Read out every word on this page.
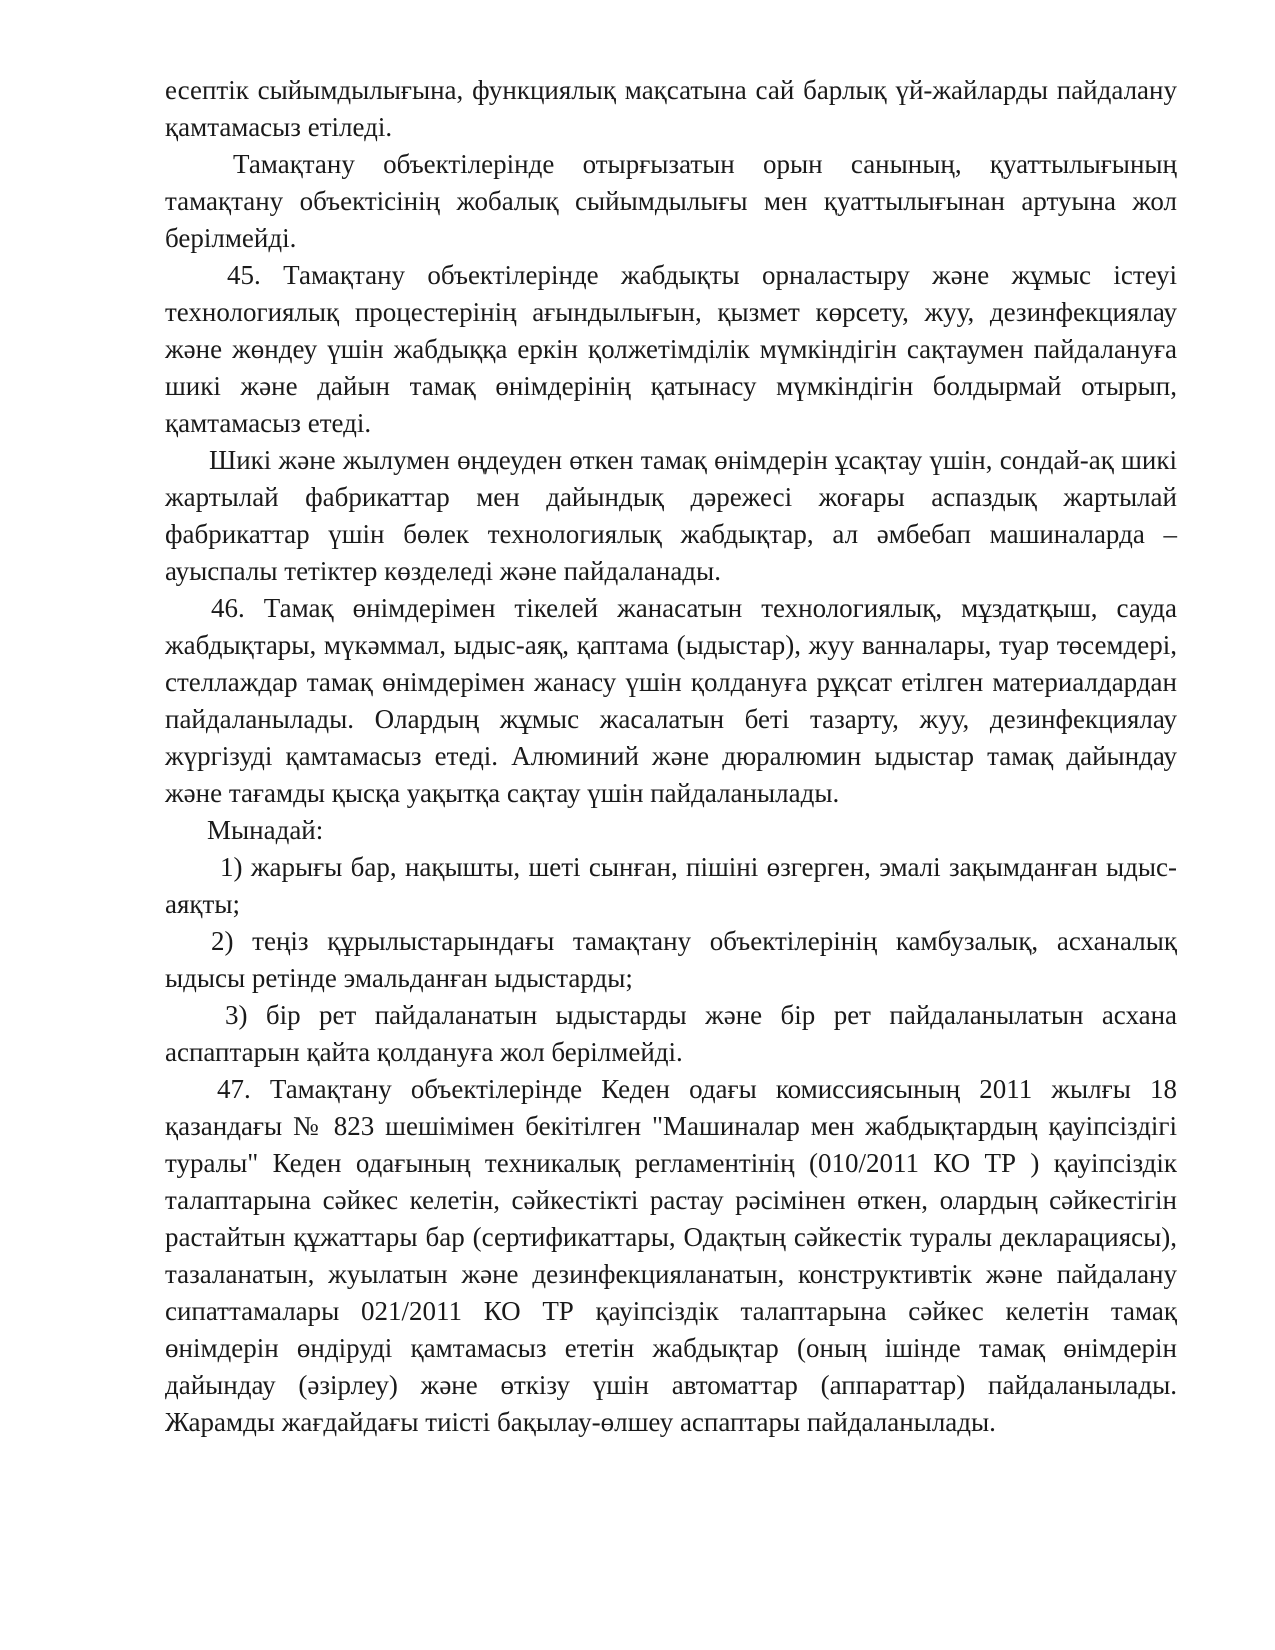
есептік сыйымдылығына, функциялық мақсатына сай барлық үй-жайларды пайдалану қамтамасыз етіледі.

Тамақтану объектілерінде отырғызатын орын санының, қуаттылығының тамақтану объектісінің жобалық сыйымдылығы мен қуаттылығынан артуына жол берілмейді.

45. Тамақтану объектілерінде жабдықты орналастыру және жұмыс істеуі технологиялық процестерінің ағындылығын, қызмет көрсету, жуу, дезинфекциялау және жөндеу үшін жабдыққа еркін қолжетімділік мүмкіндігін сақтаумен пайдалануға шикі және дайын тамақ өнімдерінің қатынасу мүмкіндігін болдырмай отырып, қамтамасыз етеді.

Шикі және жылумен өңдеуден өткен тамақ өнімдерін ұсақтау үшін, сондай-ақ шикі жартылай фабрикаттар мен дайындық дәрежесі жоғары аспаздық жартылай фабрикаттар үшін бөлек технологиялық жабдықтар, ал әмбебап машиналарда – ауыспалы тетіктер көзделеді және пайдаланады.

46. Тамақ өнімдерімен тікелей жанасатын технологиялық, мұздатқыш, сауда жабдықтары, мүкәммал, ыдыс-аяқ, қаптама (ыдыстар), жуу ванналары, туар төсемдері, стеллаждар тамақ өнімдерімен жанасу үшін қолдануға рұқсат етілген материалдардан пайдаланылады. Олардың жұмыс жасалатын беті тазарту, жуу, дезинфекциялау жүргізуді қамтамасыз етеді. Алюминий және дюралюмин ыдыстар тамақ дайындау және тағамды қысқа уақытқа сақтау үшін пайдаланылады.

Мынадай:

1) жарығы бар, нақышты, шеті сынған, пішіні өзгерген, эмалі зақымданған ыдыс-аяқты;

2) теңіз құрылыстарындағы тамақтану объектілерінің камбузалық, асханалық ыдысы ретінде эмальданған ыдыстарды;

3) бір рет пайдаланатын ыдыстарды және бір рет пайдаланылатын асхана аспаптарын қайта қолдануға жол берілмейді.

47. Тамақтану объектілерінде Кеден одағы комиссиясының 2011 жылғы 18 қазандағы № 823 шешімімен бекітілген "Машиналар мен жабдықтардың қауіпсіздігі туралы" Кеден одағының техникалық регламентінің (010/2011 КО ТР ) қауіпсіздік талаптарына сәйкес келетін, сәйкестікті растау рәсімінен өткен, олардың сәйкестігін растайтын құжаттары бар (сертификаттары, Одақтың сәйкестік туралы декларациясы), тазаланатын, жуылатын және дезинфекцияланатын, конструктивтік және пайдалану сипаттамалары 021/2011 КО ТР қауіпсіздік талаптарына сәйкес келетін тамақ өнімдерін өндіруді қамтамасыз ететін жабдықтар (оның ішінде тамақ өнімдерін дайындау (әзірлеу) және өткізу үшін автоматтар (аппараттар) пайдаланылады. Жарамды жағдайдағы тиісті бақылау-өлшеу аспаптары пайдаланылады.
